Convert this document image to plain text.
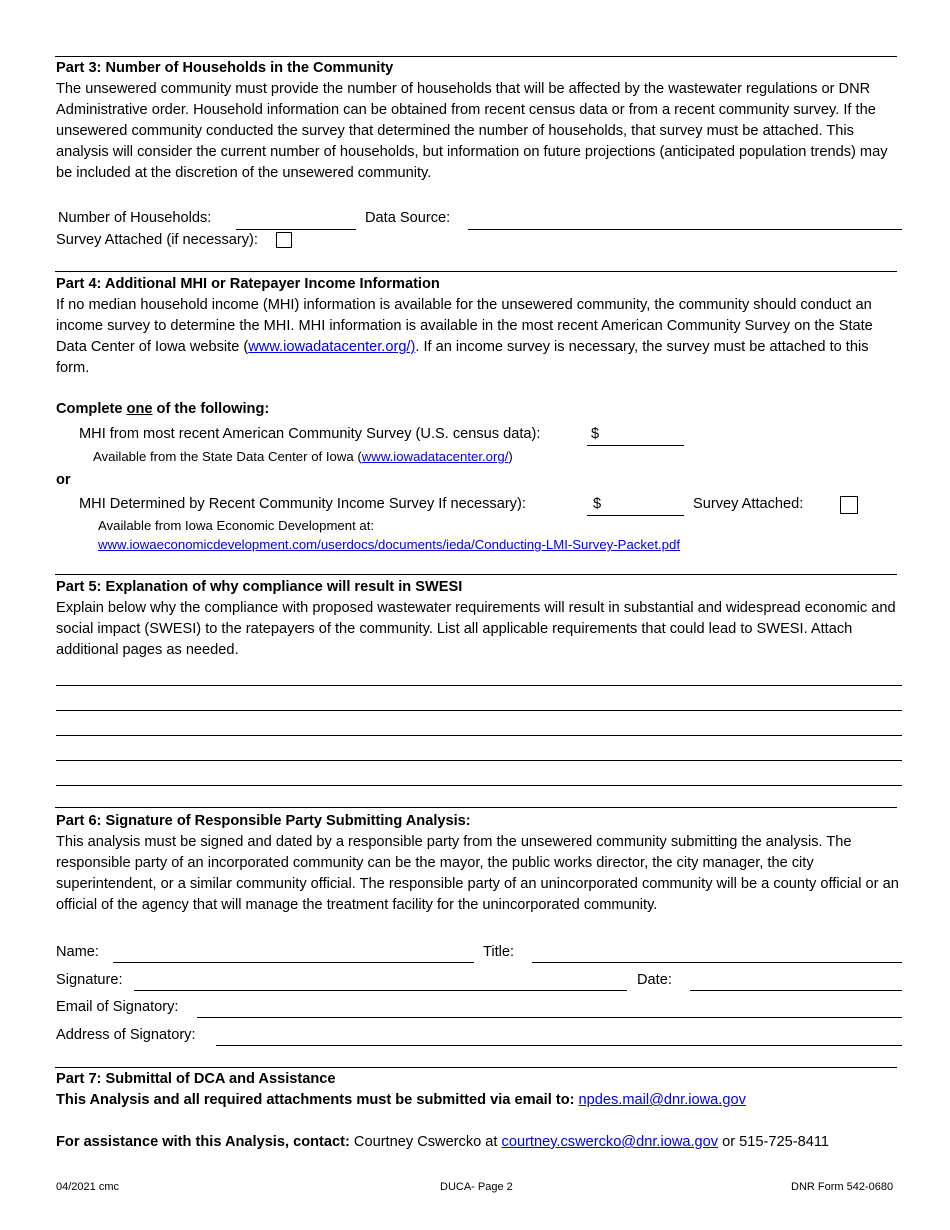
Part 3: Number of Households in the Community
The unsewered community must provide the number of households that will be affected by the wastewater regulations or DNR Administrative order. Household information can be obtained from recent census data or from a recent community survey. If the unsewered community conducted the survey that determined the number of households, that survey must be attached. This analysis will consider the current number of households, but information on future projections (anticipated population trends) may be included at the discretion of the unsewered community.
Number of Households:	Data Source:
Survey Attached (if necessary):
Part 4: Additional MHI or Ratepayer Income Information
If no median household income (MHI) information is available for the unsewered community, the community should conduct an income survey to determine the MHI. MHI information is available in the most recent American Community Survey on the State Data Center of Iowa website (www.iowadatacenter.org/). If an income survey is necessary, the survey must be attached to this form.
Complete one of the following:
MHI from most recent American Community Survey (U.S. census data):	$
Available from the State Data Center of Iowa (www.iowadatacenter.org/)
or
MHI Determined by Recent Community Income Survey If necessary):	$	Survey Attached:
Available from Iowa Economic Development at:
www.iowaeconomicdevelopment.com/userdocs/documents/ieda/Conducting-LMI-Survey-Packet.pdf
Part 5: Explanation of why compliance will result in SWESI
Explain below why the compliance with proposed wastewater requirements will result in substantial and widespread economic and social impact (SWESI) to the ratepayers of the community. List all applicable requirements that could lead to SWESI. Attach additional pages as needed.
Part 6: Signature of Responsible Party Submitting Analysis:
This analysis must be signed and dated by a responsible party from the unsewered community submitting the analysis. The responsible party of an incorporated community can be the mayor, the public works director, the city manager, the city superintendent, or a similar community official. The responsible party of an unincorporated community will be a county official or an official of the agency that will manage the treatment facility for the unincorporated community.
Name:	Title:
Signature:	Date:
Email of Signatory:
Address of Signatory:
Part 7: Submittal of DCA and Assistance
This Analysis and all required attachments must be submitted via email to: npdes.mail@dnr.iowa.gov
For assistance with this Analysis, contact: Courtney Cswercko at courtney.cswercko@dnr.iowa.gov or 515-725-8411
04/2021 cmc	DUCA- Page 2	DNR Form 542-0680
